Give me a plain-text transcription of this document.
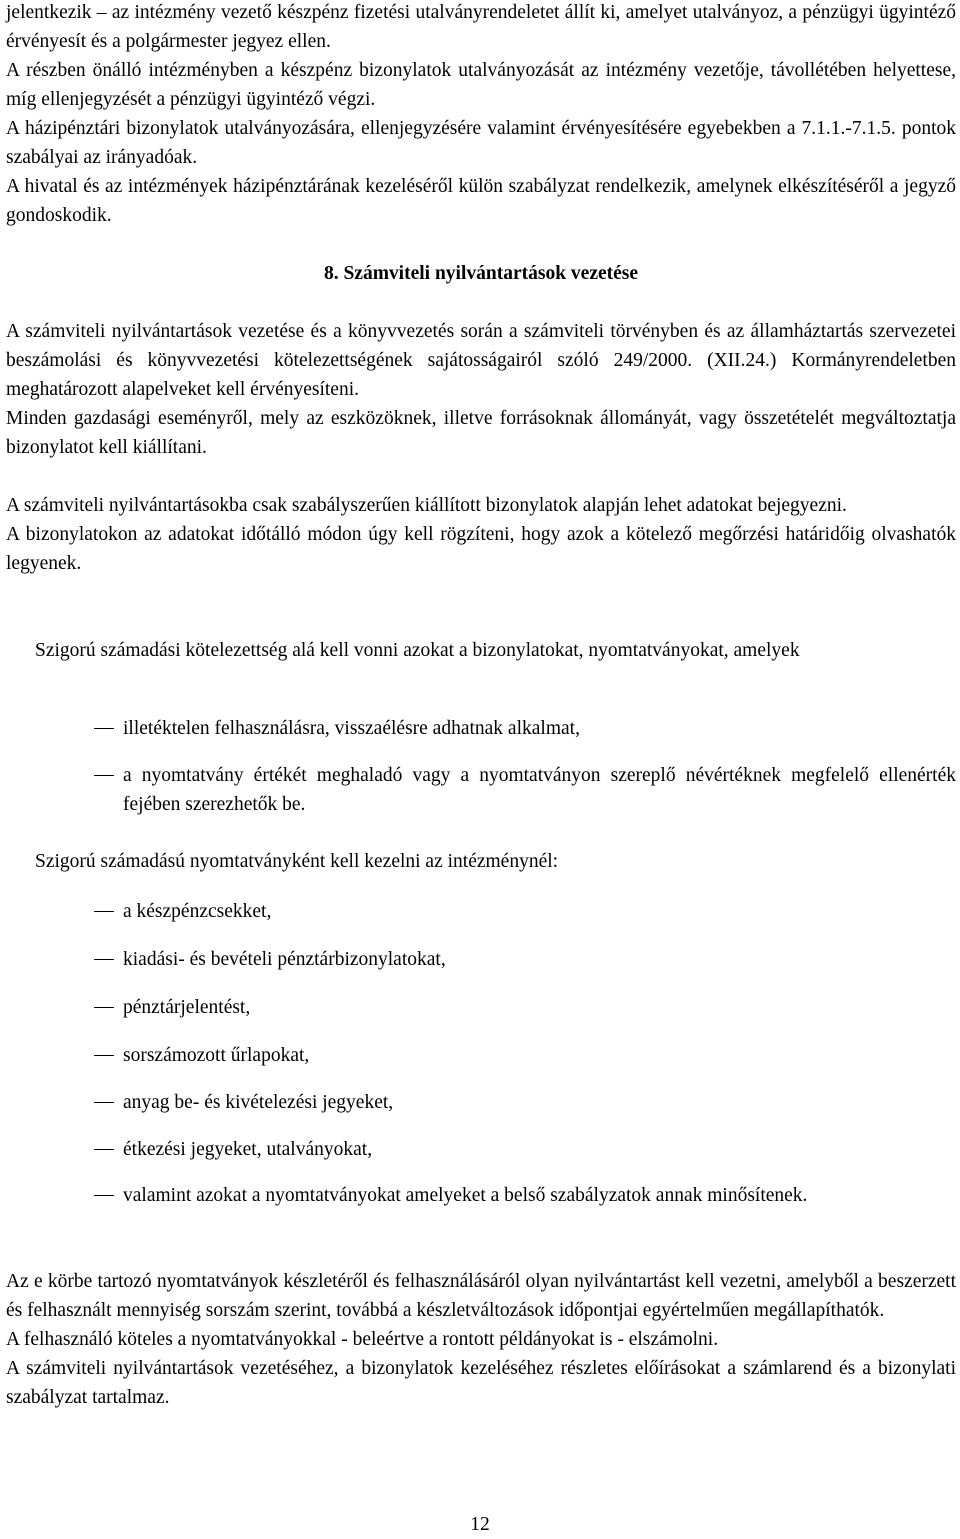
jelentkezik – az intézmény vezető készpénz fizetési utalványrendeletet állít ki, amelyet utalványoz, a pénzügyi ügyintéző érvényesít és a polgármester jegyez ellen.

A részben önálló intézményben a készpénz bizonylatok utalványozását az intézmény vezetője, távollétében helyettese, míg ellenjegyzését a pénzügyi ügyintéző végzi.

A házipénztári bizonylatok utalványozására, ellenjegyzésére valamint érvényesítésére egyebekben a 7.1.1.-7.1.5. pontok szabályai az irányadóak.

A hivatal és az intézmények házipénztárának kezeléséről külön szabályzat rendelkezik, amelynek elkészítéséről a jegyző gondoskodik.

8. Számviteli nyilvántartások vezetése

A számviteli nyilvántartások vezetése és a könyvvezetés során a számviteli törvényben és az államháztartás szervezetei beszámolási és könyvvezetési kötelezettségének sajátosságairól szóló 249/2000. (XII.24.) Kormányrendeletben meghatározott alapelveket kell érvényesíteni.

Minden gazdasági eseményről, mely az eszközöknek, illetve forrásoknak állományát, vagy összetételét megváltoztatja bizonylatot kell kiállítani.

A számviteli nyilvántartásokba csak szabályszerűen kiállított bizonylatok alapján lehet adatokat bejegyezni.

A bizonylatokon az adatokat időtálló módon úgy kell rögzíteni, hogy azok a kötelező megőrzési határidőig olvashatók legyenek.

Szigorú számadási kötelezettség alá kell vonni azokat a bizonylatokat, nyomtatványokat, amelyek

illetéktelen felhasználásra, visszaélésre adhatnak alkalmat,
a nyomtatvány értékét meghaladó vagy a nyomtatványon szereplő névértéknek megfelelő ellenérték fejében szerezhetők be.

Szigorú számadású nyomtatványként kell kezelni az intézménynél:

a készpénzcsekket,
kiadási- és bevételi pénztárbizonylatokat,
pénztárjelentést,
sorszámozott űrlapokat,
anyag be- és kivételezési jegyeket,
étkezési jegyeket, utalványokat,
valamint azokat a nyomtatványokat amelyeket a belső szabályzatok annak minősítenek.

Az e körbe tartozó nyomtatványok készletéről és felhasználásáról olyan nyilvántartást kell vezetni, amelyből a beszerzett és felhasznált mennyiség sorszám szerint, továbbá a készletváltozások időpontjai egyértelműen megállapíthatók.

A felhasználó köteles a nyomtatványokkal - beleértve a rontott példányokat is - elszámolni.

A számviteli nyilvántartások vezetéséhez, a bizonylatok kezeléséhez részletes előírásokat a számlarend és a bizonylati szabályzat tartalmaz.

12
